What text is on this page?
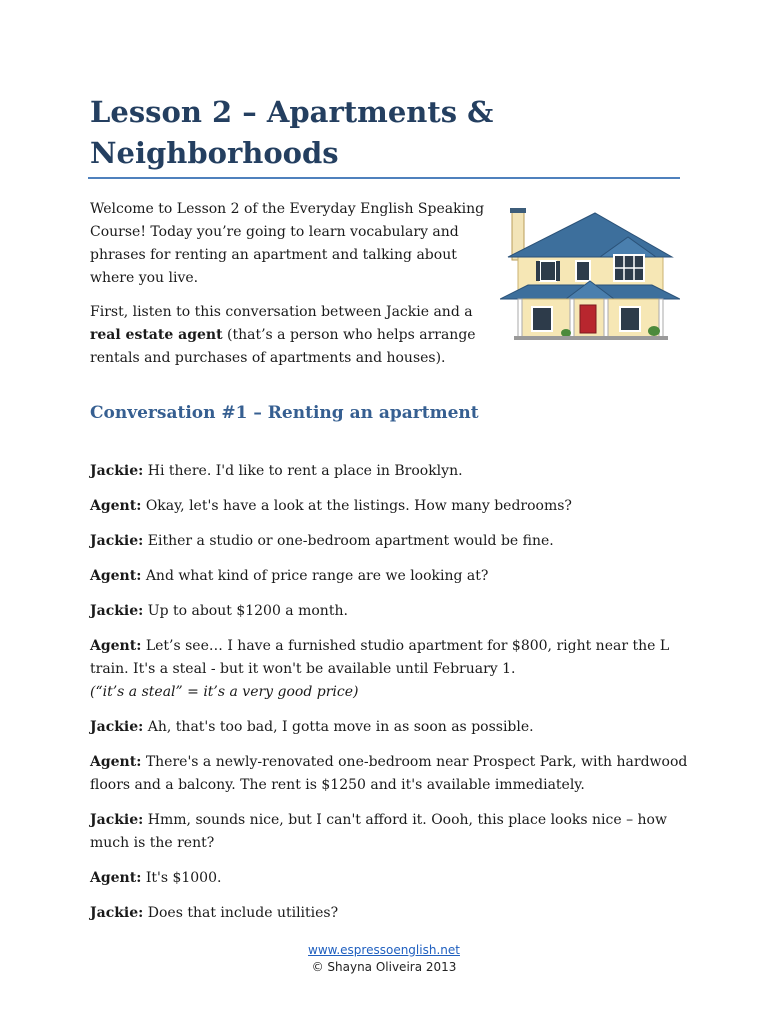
Lesson 2 – Apartments & Neighborhoods

Welcome to Lesson 2 of the Everyday English Speaking Course! Today you’re going to learn vocabulary and phrases for renting an apartment and talking about where you live.

First, listen to this conversation between Jackie and a real estate agent (that’s a person who helps arrange rentals and purchases of apartments and houses).

Conversation #1 – Renting an apartment

Jackie: Hi there. I'd like to rent a place in Brooklyn.

Agent: Okay, let's have a look at the listings. How many bedrooms?

Jackie: Either a studio or one-bedroom apartment would be fine.

Agent: And what kind of price range are we looking at?

Jackie: Up to about $1200 a month.

Agent: Let’s see… I have a furnished studio apartment for $800, right near the L train. It's a steal - but it won't be available until February 1.
(“it’s a steal” = it’s a very good price)

Jackie: Ah, that's too bad, I gotta move in as soon as possible.

Agent: There's a newly-renovated one-bedroom near Prospect Park, with hardwood floors and a balcony. The rent is $1250 and it's available immediately.

Jackie: Hmm, sounds nice, but I can't afford it. Oooh, this place looks nice – how much is the rent?

Agent: It's $1000.

Jackie: Does that include utilities?

www.espressoenglish.net
© Shayna Oliveira 2013
